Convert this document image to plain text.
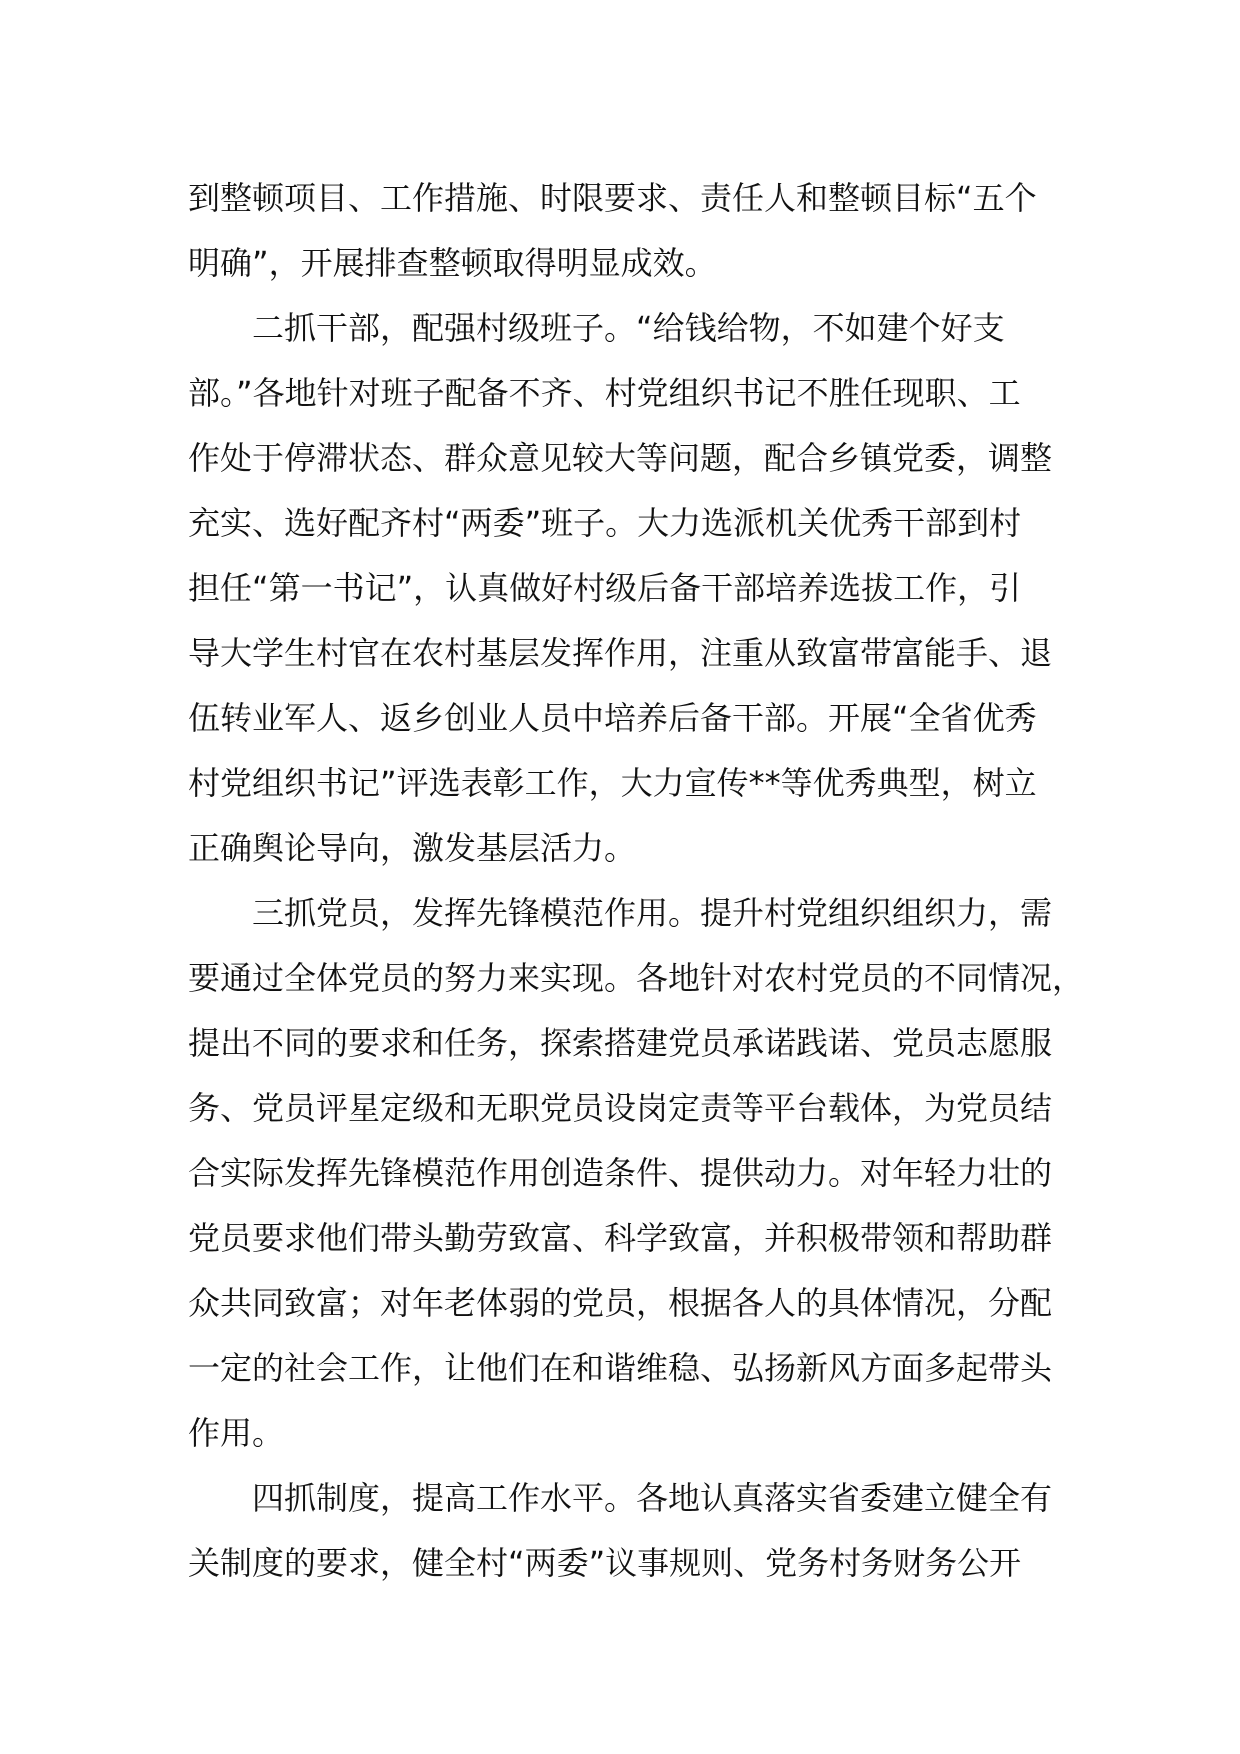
到整顿项目、工作措施、时限要求、责任人和整顿目标“五个
明确”，开展排查整顿取得明显成效。
二抓干部，配强村级班子。“给钱给物，不如建个好支
部。”各地针对班子配备不齐、村党组织书记不胜任现职、工
作处于停滞状态、群众意见较大等问题，配合乡镇党委，调整
充实、选好配齐村“两委”班子。大力选派机关优秀干部到村
担任“第一书记”，认真做好村级后备干部培养选拔工作，引
导大学生村官在农村基层发挥作用，注重从致富带富能手、退
伍转业军人、返乡创业人员中培养后备干部。开展“全省优秀
村党组织书记”评选表彰工作，大力宣传**等优秀典型，树立
正确舆论导向，激发基层活力。
三抓党员，发挥先锋模范作用。提升村党组织组织力，需
要通过全体党员的努力来实现。各地针对农村党员的不同情况，
提出不同的要求和任务，探索搭建党员承诺践诺、党员志愿服
务、党员评星定级和无职党员设岗定责等平台载体，为党员结
合实际发挥先锋模范作用创造条件、提供动力。对年轻力壮的
党员要求他们带头勤劳致富、科学致富，并积极带领和帮助群
众共同致富；对年老体弱的党员，根据各人的具体情况，分配
一定的社会工作，让他们在和谐维稳、弘扬新风方面多起带头
作用。
四抓制度，提高工作水平。各地认真落实省委建立健全有
关制度的要求，健全村“两委”议事规则、党务村务财务公开
